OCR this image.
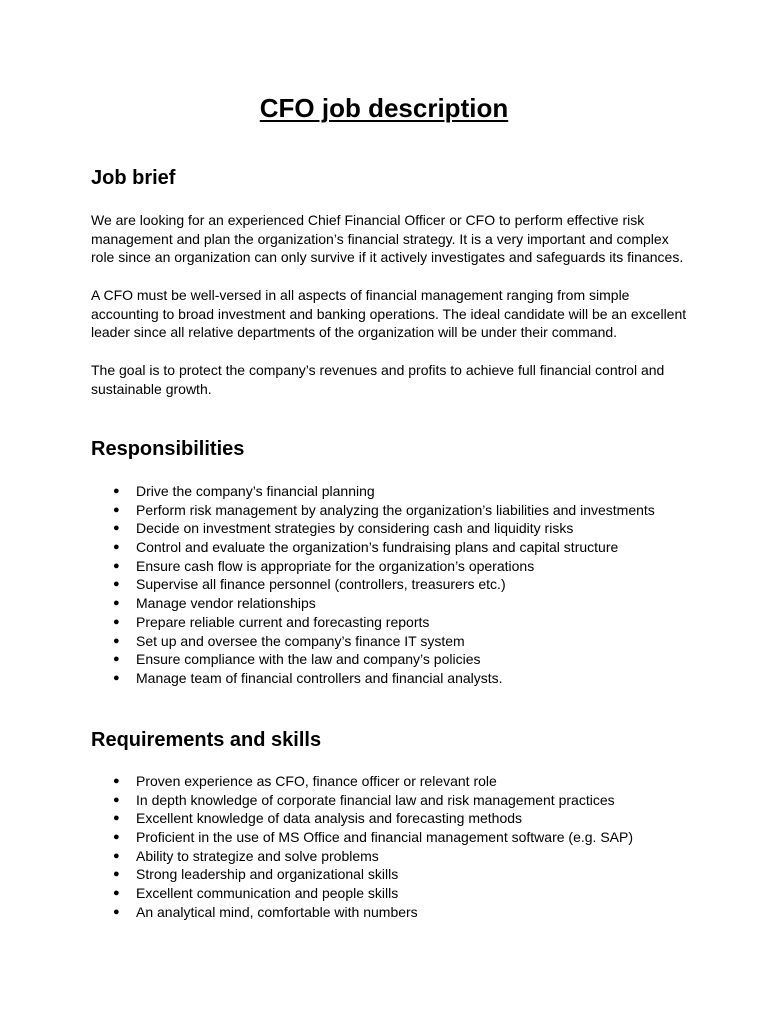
CFO job description
Job brief

We are looking for an experienced Chief Financial Officer or CFO to perform effective risk
management and plan the organization’s financial strategy. It is a very important and complex
role since an organization can only survive if it actively investigates and safeguards its finances.

A CFO must be well-versed in all aspects of financial management ranging from simple
accounting to broad investment and banking operations. The ideal candidate will be an excellent
leader since all relative departments of the organization will be under their command.

The goal is to protect the company’s revenues and profits to achieve full financial control and
sustainable growth.

Responsibilities
● Drive the company’s financial planning
● Perform risk management by analyzing the organization’s liabilities and investments
● Decide on investment strategies by considering cash and liquidity risks
● Control and evaluate the organization’s fundraising plans and capital structure
● Ensure cash flow is appropriate for the organization’s operations
● Supervise all finance personnel (controllers, treasurers etc.)
● Manage vendor relationships
● Prepare reliable current and forecasting reports
● Set up and oversee the company’s finance IT system
● Ensure compliance with the law and company’s policies
● Manage team of financial controllers and financial analysts.
Requirements and skills
● Proven experience as CFO, finance officer or relevant role
● In depth knowledge of corporate financial law and risk management practices
● Excellent knowledge of data analysis and forecasting methods
● Proficient in the use of MS Office and financial management software (e.g. SAP)
● Ability to strategize and solve problems
● Strong leadership and organizational skills
● Excellent communication and people skills
● An analytical mind, comfortable with numbers
